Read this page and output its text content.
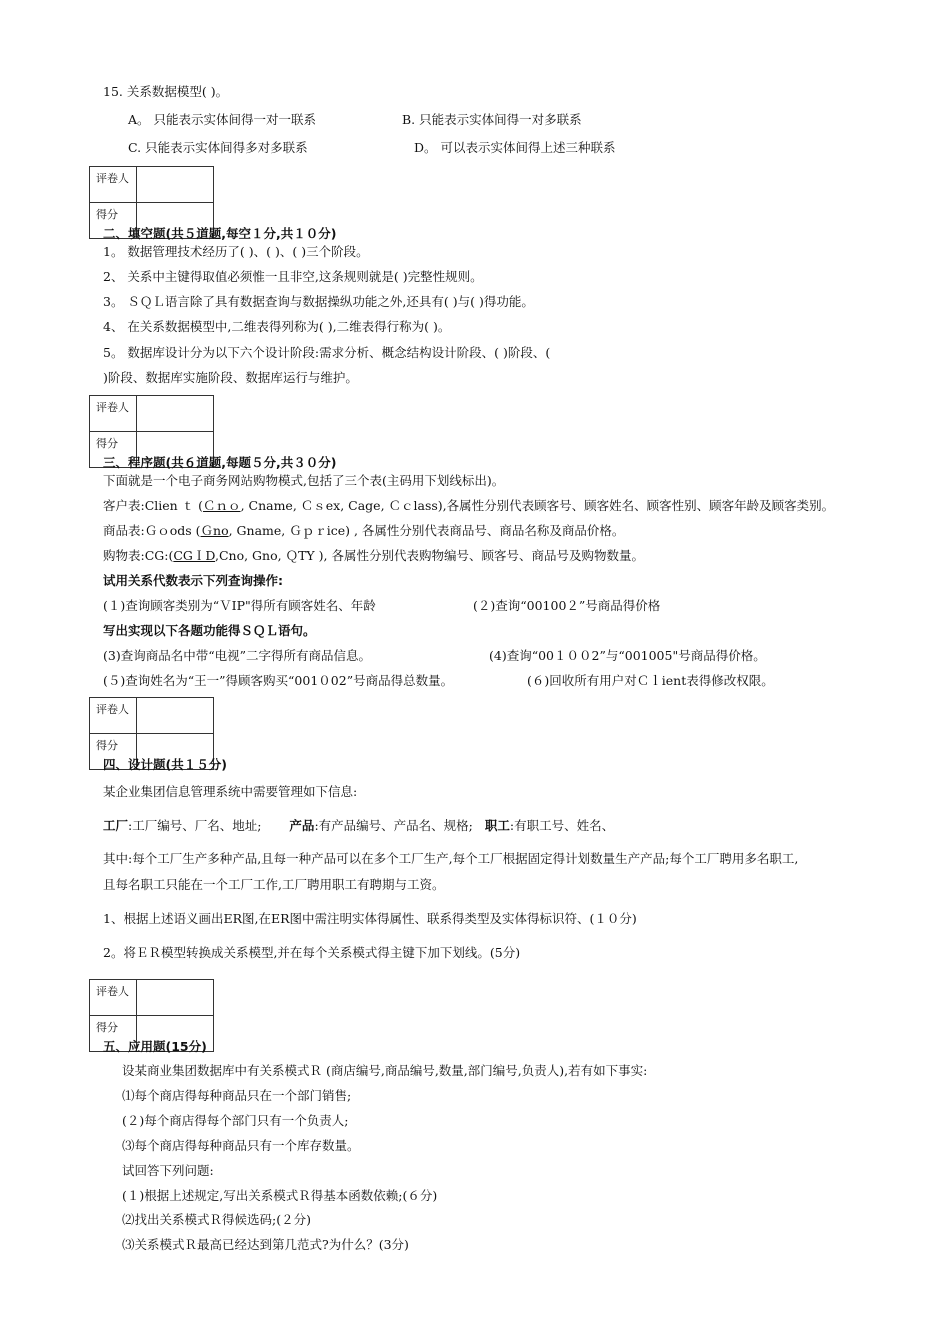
15. 关系数据模型( )。
A。 只能表示实体间得一对一联系	B. 只能表示实体间得一对多联系
C. 只能表示实体间得多对多联系	D。 可以表示实体间得上述三种联系
评卷人	
得分	
二、填空题(共５道题,每空１分,共１０分)
1。 数据管理技术经历了( )、( )、( )三个阶段。
2、 关系中主键得取值必须惟一且非空,这条规则就是( )完整性规则。
3。 ＳＱＬ语言除了具有数据查询与数据操纵功能之外,还具有( )与( )得功能。
4、 在关系数据模型中,二维表得列称为( ),二维表得行称为( )。
5。 数据库设计分为以下六个设计阶段:需求分析、概念结构设计阶段、( )阶段、(
)阶段、数据库实施阶段、数据库运行与维护。
评卷人	
得分	
三、程序题(共６道题,每题５分,共３０分)
下面就是一个电子商务网站购物模式,包括了三个表(主码用下划线标出)。
客户表:Clien ｔ (Ｃｎｏ, Cname, Ｃｓex, Cage, Ｃｃlass),各属性分别代表顾客号、顾客姓名、顾客性别、顾客年龄及顾客类别。
商品表:Ｇｏods (Ｇno, Gname, Ｇｐｒice) , 各属性分别代表商品号、商品名称及商品价格。
购物表:CG:(CGＩD,Cno, Gno, ＱTY ), 各属性分别代表购物编号、顾客号、商品号及购物数量。
试用关系代数表示下列查询操作:
(１)查询顾客类别为“ＶIP"得所有顾客姓名、年龄	(２)查询“00100２”号商品得价格
写出实现以下各题功能得ＳＱＬ语句。
(3)查询商品名中带“电视”二字得所有商品信息。	(4)查询“00１００2”与“001005"号商品得价格。
(５)查询姓名为“王一”得顾客购买“001０02”号商品得总数量。	(６)回收所有用户对Ｃｌient表得修改权限。
评卷人	
得分	
四、设计题(共１５分)
某企业集团信息管理系统中需要管理如下信息:
工厂:工厂编号、厂名、地址; 产品:有产品编号、产品名、规格; 职工:有职工号、姓名、
其中:每个工厂生产多种产品,且每一种产品可以在多个工厂生产,每个工厂根据固定得计划数量生产产品;每个工厂聘用多名职工,
且每名职工只能在一个工厂工作,工厂聘用职工有聘期与工资。
1、根据上述语义画出ER图,在ER图中需注明实体得属性、联系得类型及实体得标识符、(１０分)
2。将ＥＲ模型转换成关系模型,并在每个关系模式得主键下加下划线。(5分)
评卷人	
得分	
五、应用题(15分)
设某商业集团数据库中有关系模式Ｒ (商店编号,商品编号,数量,部门编号,负责人),若有如下事实:
⑴每个商店得每种商品只在一个部门销售;
(２)每个商店得每个部门只有一个负责人;
⑶每个商店得每种商品只有一个库存数量。
试回答下列问题:
(１)根据上述规定,写出关系模式Ｒ得基本函数依赖;(６分)
⑵找出关系模式Ｒ得候选码;(２分)
⑶关系模式Ｒ最高已经达到第几范式?为什么？(3分)
